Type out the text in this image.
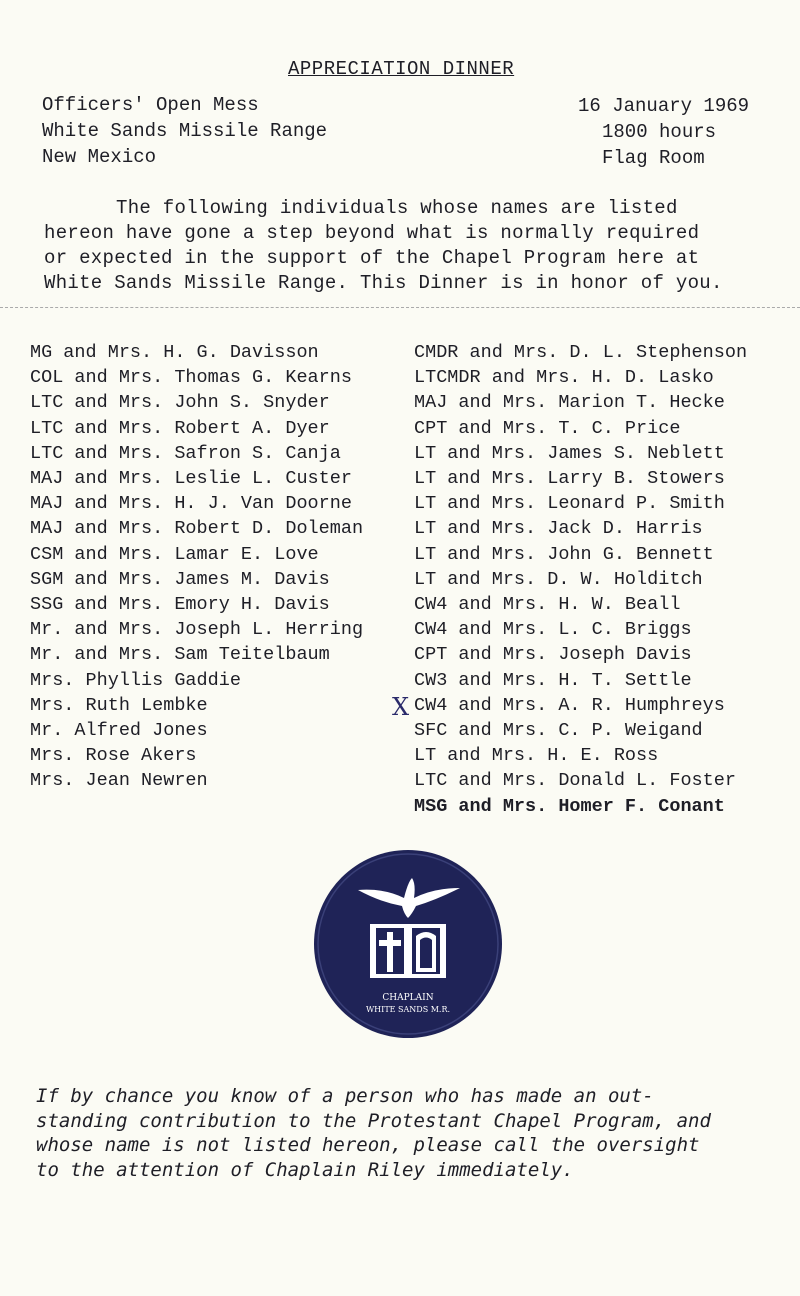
APPRECIATION DINNER
Officers' Open Mess
White Sands Missile Range
New Mexico
16 January 1969
1800 hours
Flag Room
The following individuals whose names are listed
hereon have gone a step beyond what is normally required
or expected in the support of the Chapel Program here at
White Sands Missile Range. This Dinner is in honor of you.
MG and Mrs. H. G. Davisson
COL and Mrs. Thomas G. Kearns
LTC and Mrs. John S. Snyder
LTC and Mrs. Robert A. Dyer
LTC and Mrs. Safron S. Canja
MAJ and Mrs. Leslie L. Custer
MAJ and Mrs. H. J. Van Doorne
MAJ and Mrs. Robert D. Doleman
CSM and Mrs. Lamar E. Love
SGM and Mrs. James M. Davis
SSG and Mrs. Emory H. Davis
Mr. and Mrs. Joseph L. Herring
Mr. and Mrs. Sam Teitelbaum
Mrs. Phyllis Gaddie
Mrs. Ruth Lembke
Mr. Alfred Jones
Mrs. Rose Akers
Mrs. Jean Newren
CMDR and Mrs. D. L. Stephenson
LTCMDR and Mrs. H. D. Lasko
MAJ and Mrs. Marion T. Hecke
CPT and Mrs. T. C. Price
LT and Mrs. James S. Neblett
LT and Mrs. Larry B. Stowers
LT and Mrs. Leonard P. Smith
LT and Mrs. Jack D. Harris
LT and Mrs. John G. Bennett
LT and Mrs. D. W. Holditch
CW4 and Mrs. H. W. Beall
CW4 and Mrs. L. C. Briggs
CPT and Mrs. Joseph Davis
CW3 and Mrs. H. T. Settle
CW4 and Mrs. A. R. Humphreys
SFC and Mrs. C. P. Weigand
LT and Mrs. H. E. Ross
LTC and Mrs. Donald L. Foster
MSG and Mrs. Homer F. Conant
X
CHAPLAIN
WHITE SANDS M.R.
If by chance you know of a person who has made an out-
standing contribution to the Protestant Chapel Program, and
whose name is not listed hereon, please call the oversight
to the attention of Chaplain Riley immediately.
